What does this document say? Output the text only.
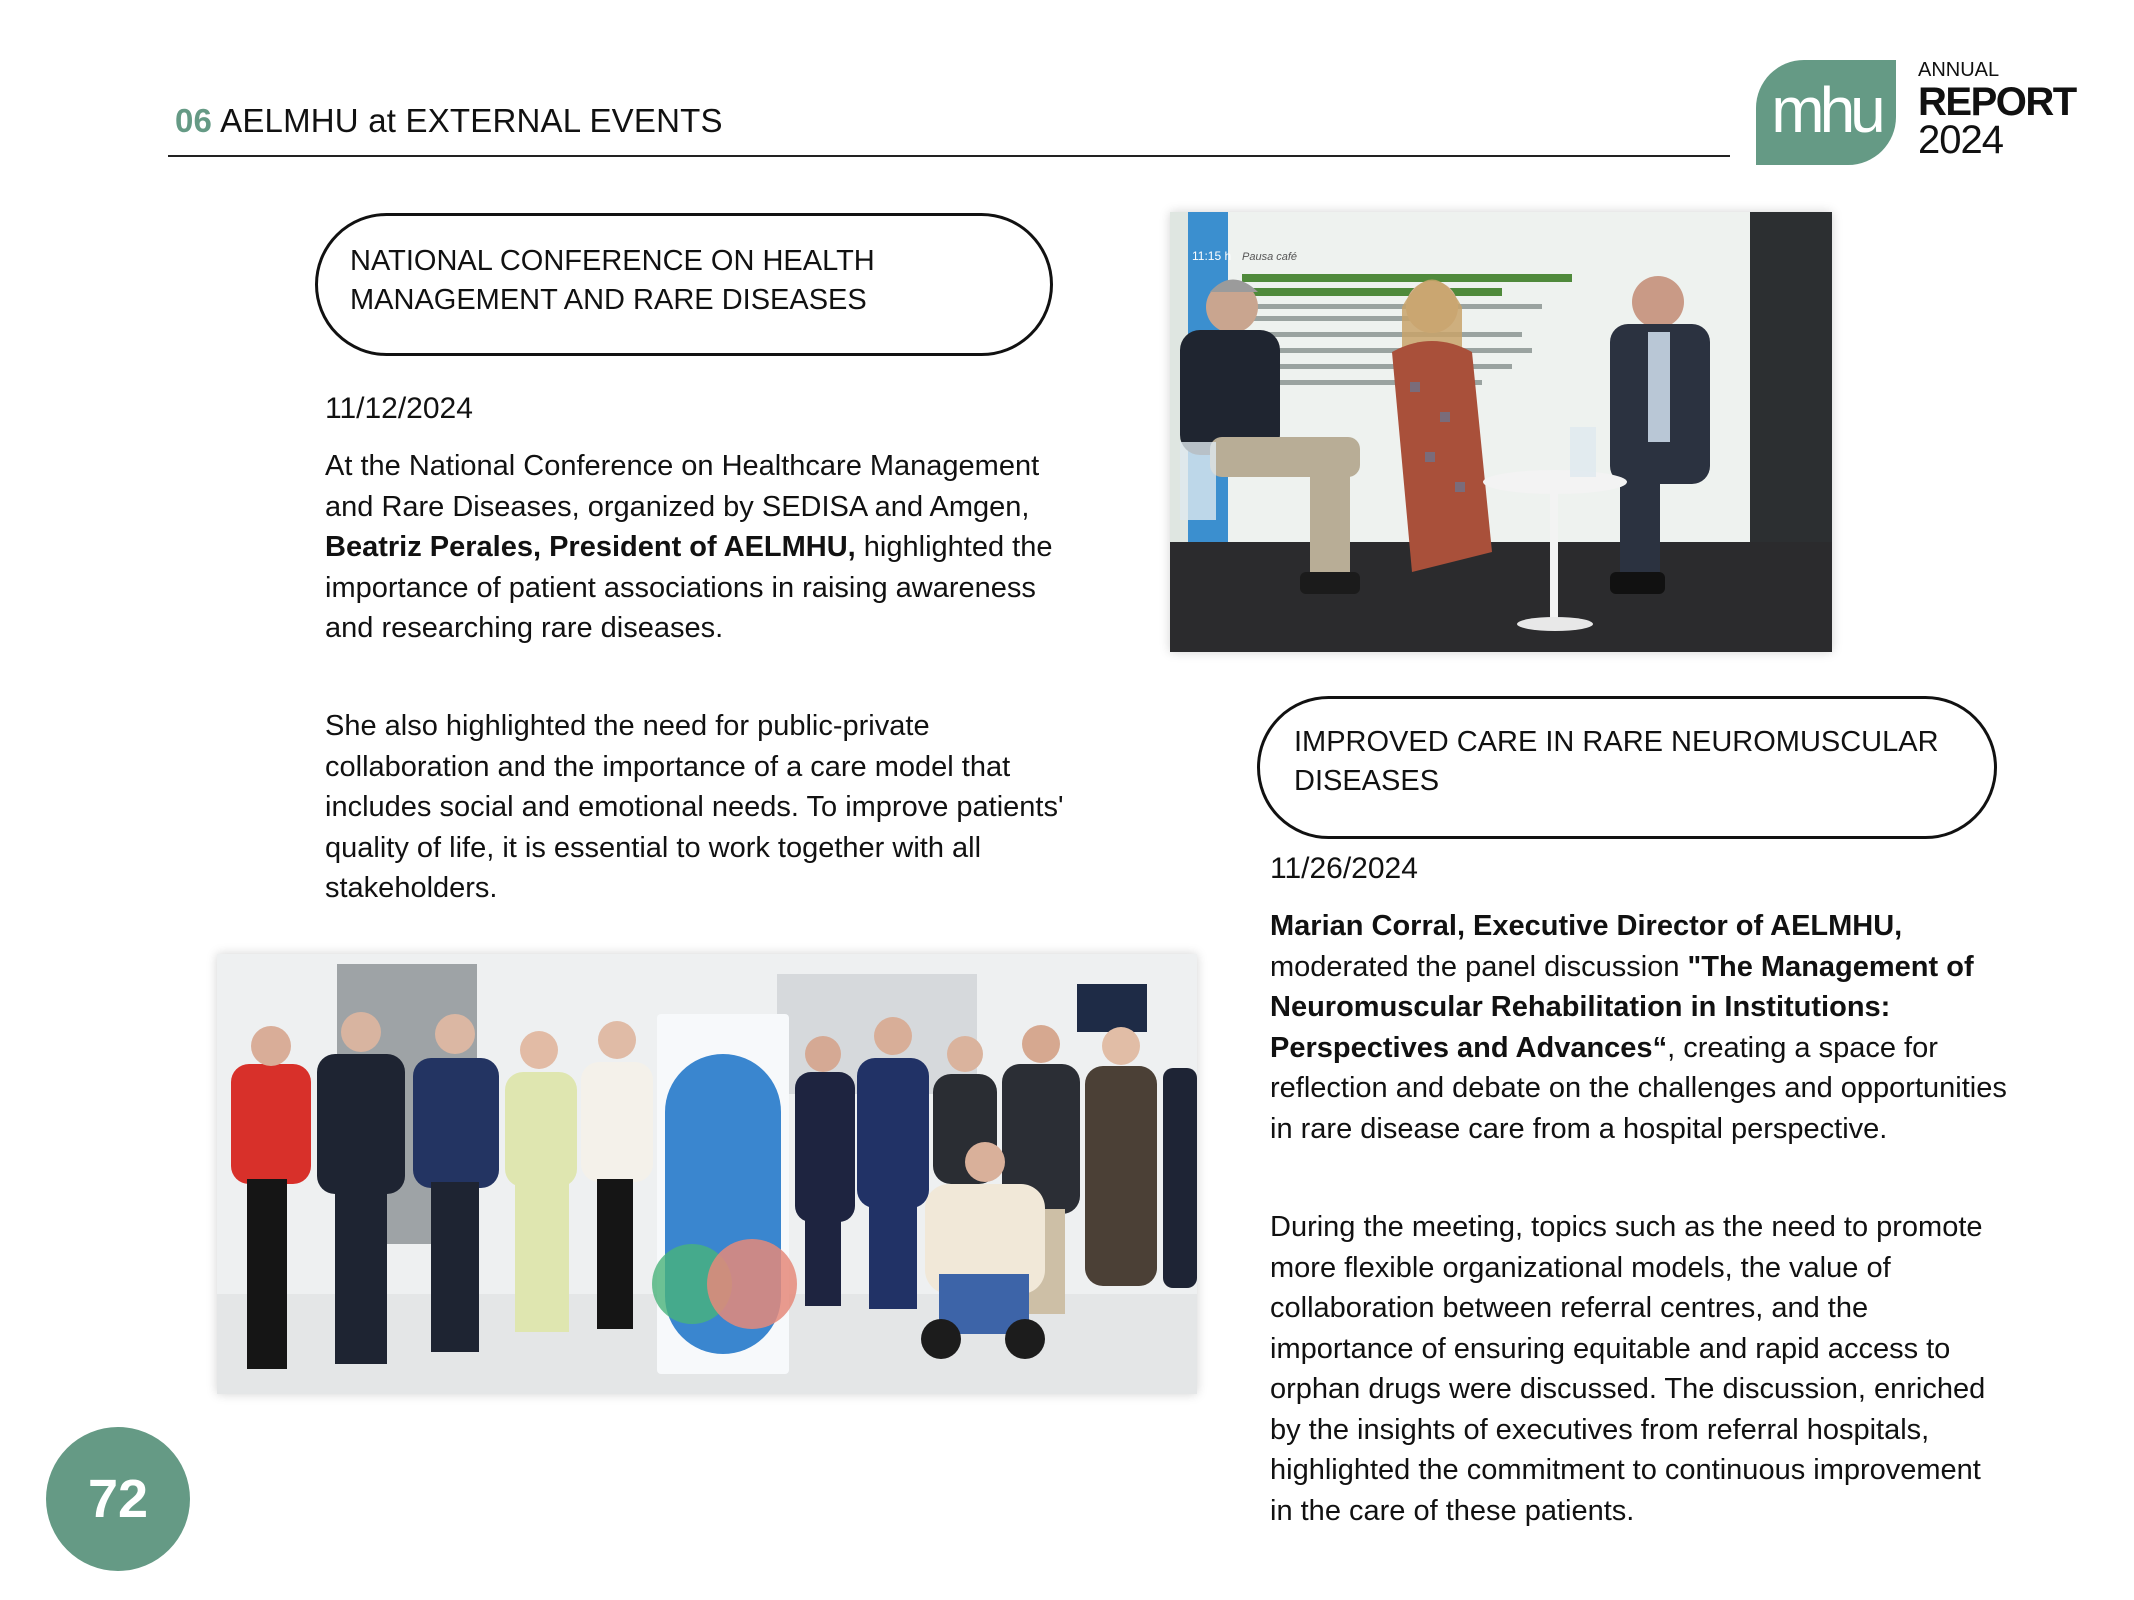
06 AELMHU at EXTERNAL EVENTS	mhu
ANNUAL
REPORT
2024
NATIONAL CONFERENCE ON HEALTH MANAGEMENT AND RARE DISEASES
11/12/2024
At the National Conference on Healthcare Management and Rare Diseases, organized by SEDISA and Amgen, Beatriz Perales, President of AELMHU, highlighted the importance of patient associations in raising awareness and researching rare diseases.
She also highlighted the need for public-private collaboration and the importance of a care model that includes social and emotional needs. To improve patients' quality of life, it is essential to work together with all stakeholders.
11:15 h Pausa café
IMPROVED CARE IN RARE NEUROMUSCULAR DISEASES
11/26/2024
Marian Corral, Executive Director of AELMHU, moderated the panel discussion "The Management of Neuromuscular Rehabilitation in Institutions: Perspectives and Advances“, creating a space for reflection and debate on the challenges and opportunities in rare disease care from a hospital perspective.
During the meeting, topics such as the need to promote more flexible organizational models, the value of collaboration between referral centres, and the importance of ensuring equitable and rapid access to orphan drugs were discussed. The discussion, enriched by the insights of executives from referral hospitals, highlighted the commitment to continuous improvement in the care of these patients.
72
